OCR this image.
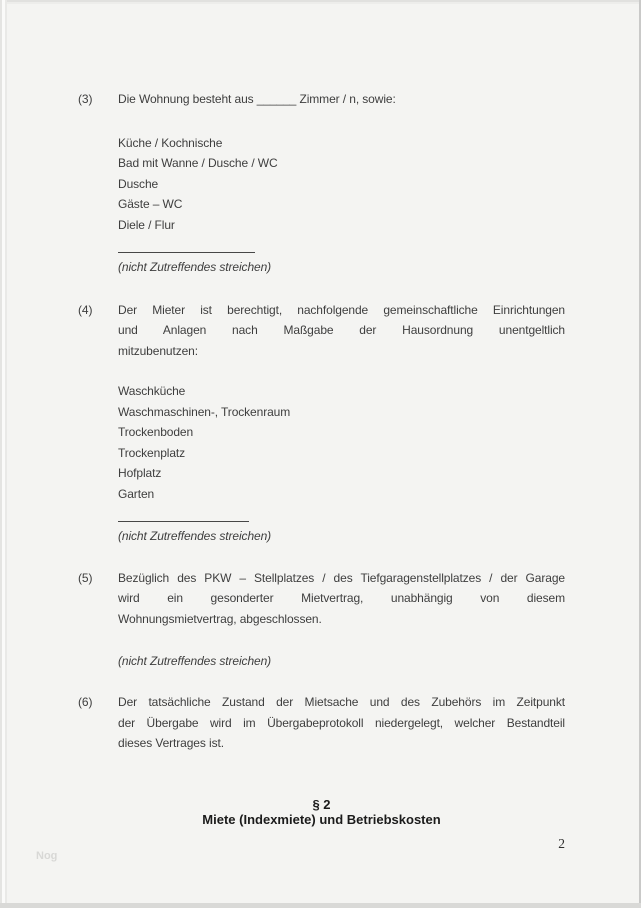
(3)	Die Wohnung besteht aus ______ Zimmer / n, sowie:
Küche / Kochnische
Bad mit Wanne / Dusche / WC
Dusche
Gäste – WC
Diele / Flur
(nicht Zutreffendes streichen)
(4)	Der Mieter ist berechtigt, nachfolgende gemeinschaftliche Einrichtungen
und Anlagen nach Maßgabe der Hausordnung unentgeltlich
mitzubenutzen:
Waschküche
Waschmaschinen-, Trockenraum
Trockenboden
Trockenplatz
Hofplatz
Garten
(nicht Zutreffendes streichen)
(5)	Bezüglich des PKW – Stellplatzes / des Tiefgaragenstellplatzes / der Garage
wird ein gesonderter Mietvertrag, unabhängig von diesem
Wohnungsmietvertrag, abgeschlossen.
(nicht Zutreffendes streichen)
(6)	Der tatsächliche Zustand der Mietsache und des Zubehörs im Zeitpunkt
der Übergabe wird im Übergabeprotokoll niedergelegt, welcher Bestandteil
dieses Vertrages ist.
§ 2
Miete (Indexmiete) und Betriebskosten
2
Nog
